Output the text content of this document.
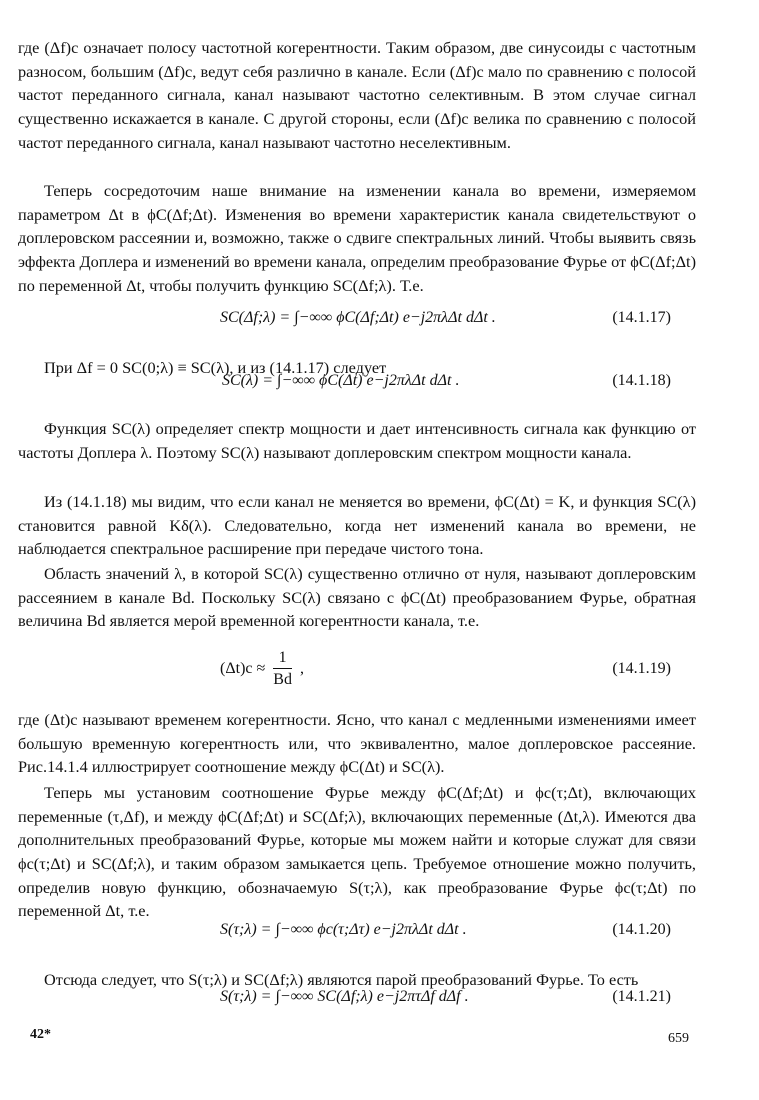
где (Δf)c означает полосу частотной когерентности. Таким образом, две синусоиды с частотным разносом, большим (Δf)c, ведут себя различно в канале. Если (Δf)c мало по сравнению с полосой частот переданного сигнала, канал называют частотно селективным. В этом случае сигнал существенно искажается в канале. С другой стороны, если (Δf)c велика по сравнению с полосой частот переданного сигнала, канал называют частотно неселективным.

Теперь сосредоточим наше внимание на изменении канала во времени, измеряемом параметром Δt в ϕC(Δf;Δt). Изменения во времени характеристик канала свидетельствуют о доплеровском рассеянии и, возможно, также о сдвиге спектральных линий. Чтобы выявить связь эффекта Доплера и изменений во времени канала, определим преобразование Фурье от ϕC(Δf;Δt) по переменной Δt, чтобы получить функцию SC(Δf;λ). Т.е.

SC(Δf;λ) = ∫−∞∞ ϕC(Δf;Δt) e−j2πλΔt dΔt .	(14.1.17)

При Δf = 0 SC(0;λ) ≡ SC(λ), и из (14.1.17) следует

SC(λ) = ∫−∞∞ ϕC(Δt) e−j2πλΔt dΔt .	(14.1.18)

Функция SC(λ) определяет спектр мощности и дает интенсивность сигнала как функцию от частоты Доплера λ. Поэтому SC(λ) называют доплеровским спектром мощности канала.

Из (14.1.18) мы видим, что если канал не меняется во времени, ϕC(Δt) = K, и функция SC(λ) становится равной Kδ(λ). Следовательно, когда нет изменений канала во времени, не наблюдается спектральное расширение при передаче чистого тона.

Область значений λ, в которой SC(λ) существенно отлично от нуля, называют доплеровским рассеянием в канале Bd. Поскольку SC(λ) связано с ϕC(Δt) преобразованием Фурье, обратная величина Bd является мерой временной когерентности канала, т.е.

$(\Delta t)c \approx \frac{1}{Bd}$ ,	(14.1.19)

где (Δt)c называют временем когерентности. Ясно, что канал с медленными изменениями имеет большую временную когерентность или, что эквивалентно, малое доплеровское рассеяние. Рис.14.1.4 иллюстрирует соотношение между ϕC(Δt) и SC(λ).

Теперь мы установим соотношение Фурье между ϕC(Δf;Δt) и ϕc(τ;Δt), включающих переменные (τ,Δf), и между ϕC(Δf;Δt) и SC(Δf;λ), включающих переменные (Δt,λ). Имеются два дополнительных преобразований Фурье, которые мы можем найти и которые служат для связи ϕc(τ;Δt) и SC(Δf;λ), и таким образом замыкается цепь. Требуемое отношение можно получить, определив новую функцию, обозначаемую S(τ;λ), как преобразование Фурье ϕc(τ;Δt) по переменной Δt, т.е.

S(τ;λ) = ∫−∞∞ ϕc(τ;Δτ) e−j2πλΔt dΔt .	(14.1.20)

Отсюда следует, что S(τ;λ) и SC(Δf;λ) являются парой преобразований Фурье. То есть

S(τ;λ) = ∫−∞∞ SC(Δf;λ) e−j2πτΔf dΔf .	(14.1.21)
42*	659
